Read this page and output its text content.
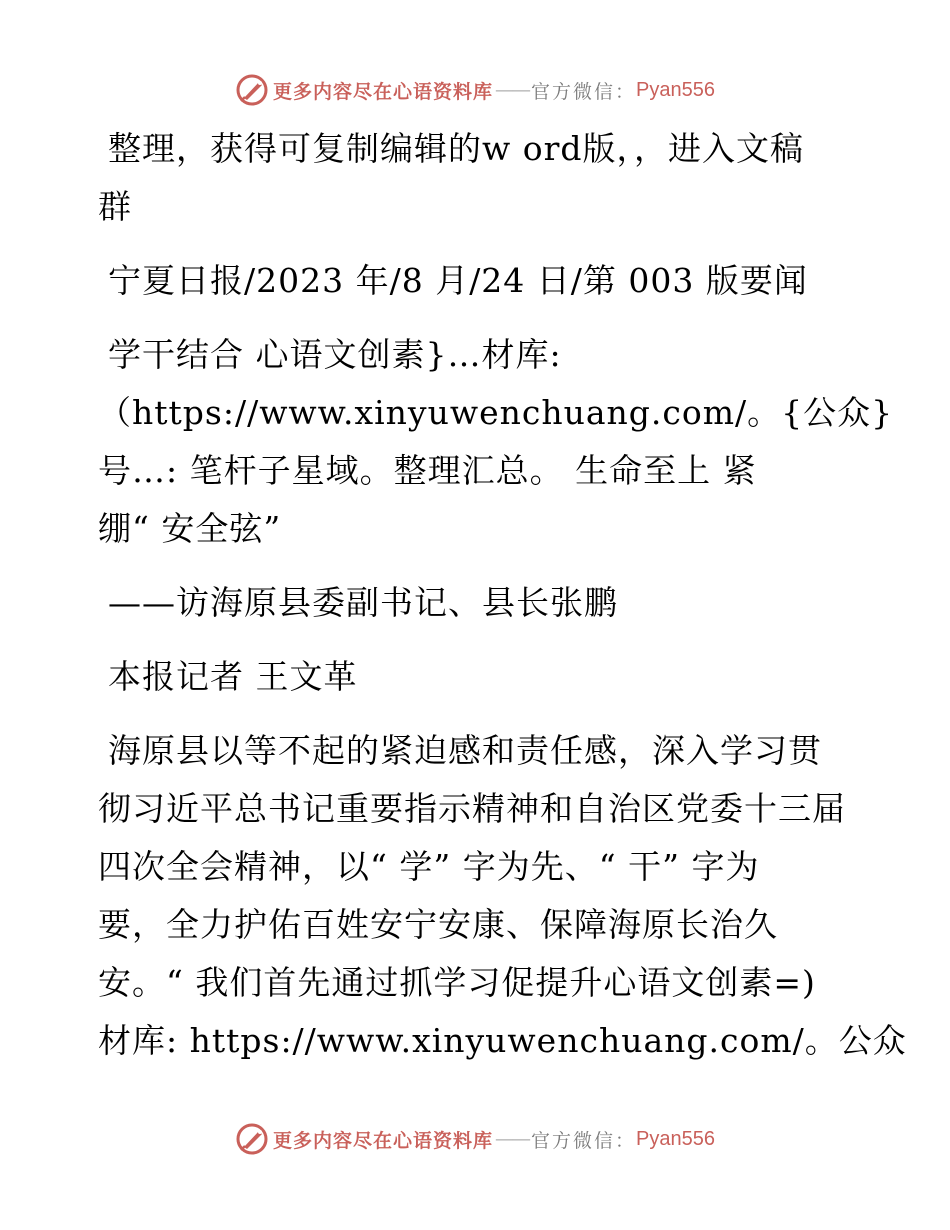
更多内容尽在心语资料库 —— 官方微信： Pyan556
整理，获得可复制编辑的w ord版，，进入文稿
群
宁夏日报/2023 年/8 月/24 日/第 003 版要闻
学干结合 心语文创素}…材库:
（https://www.xinyuwenchuang.com/。{公众}
号…: 笔杆子星域。整理汇总。 生命至上 紧
绷“ 安全弦”
——访海原县委副书记、县长张鹏
本报记者 王文革
海原县以等不起的紧迫感和责任感，深入学习贯
彻习近平总书记重要指示精神和自治区党委十三届
四次全会精神，以“ 学” 字为先、“ 干” 字为
要，全力护佑百姓安宁安康、保障海原长治久
安。“ 我们首先通过抓学习促提升心语文创素=)
材库: https://www.xinyuwenchuang.com/。公众
更多内容尽在心语资料库 —— 官方微信： Pyan556
